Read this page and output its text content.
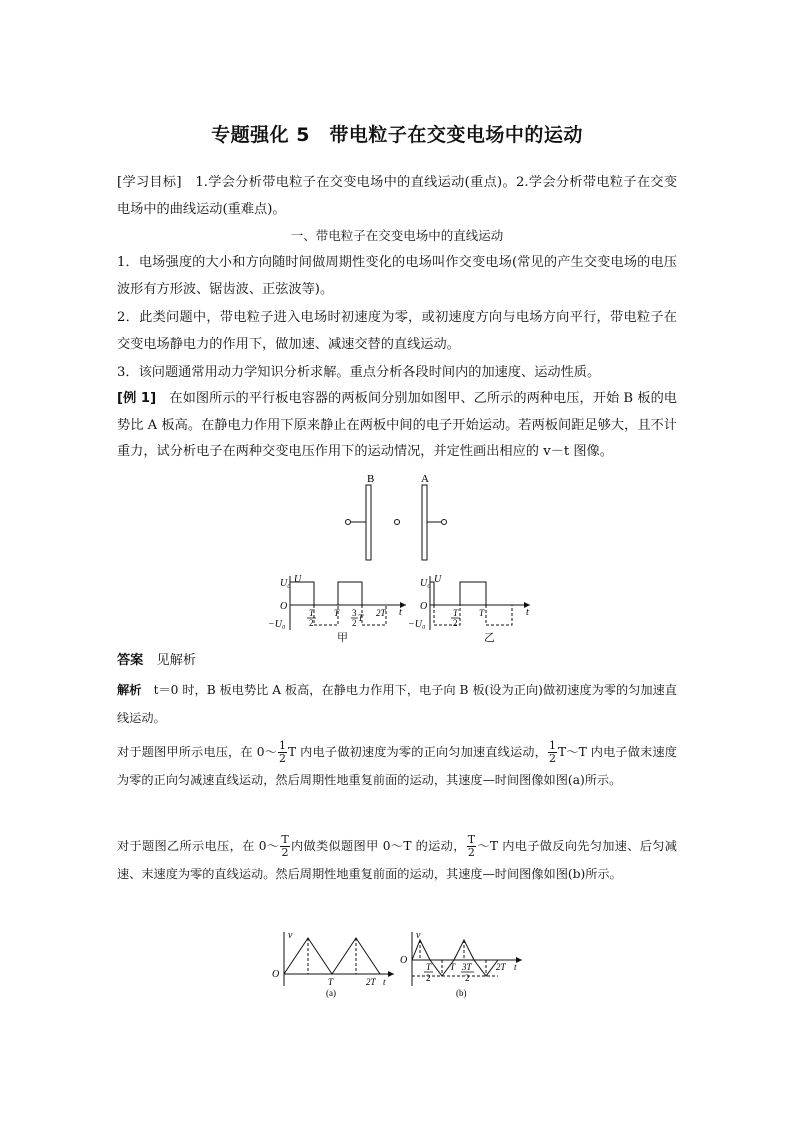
专题强化 5　带电粒子在交变电场中的运动
[学习目标]　1.学会分析带电粒子在交变电场中的直线运动(重点)。2.学会分析带电粒子在交变电场中的曲线运动(重难点)。
一、带电粒子在交变电场中的直线运动
1．电场强度的大小和方向随时间做周期性变化的电场叫作交变电场(常见的产生交变电场的电压波形有方形波、锯齿波、正弦波等)。
2．此类问题中，带电粒子进入电场时初速度为零，或初速度方向与电场方向平行，带电粒子在交变电场静电力的作用下，做加速、减速交替的直线运动。
3．该问题通常用动力学知识分析求解。重点分析各段时间内的加速度、运动性质。
[例 1]　在如图所示的平行板电容器的两板间分别加如图甲、乙所示的两种电压，开始 B 板的电势比 A 板高。在静电力作用下原来静止在两板中间的电子开始运动。若两板间距足够大，且不计重力，试分析电子在两种交变电压作用下的运动情况，并定性画出相应的 v－t 图像。
B	A
U₀ U
O
−U₀
t
T
2
T 3
2 T 2T
甲
U₀ U
O
−U₀
t
T
2
T
乙
答案　见解析
解析　t＝0 时，B 板电势比 A 板高，在静电力作用下，电子向 B 板(设为正向)做初速度为零的匀加速直线运动。
对于题图甲所示电压，在 0～ $\frac{1}{2}$ T 内电子做初速度为零的正向匀加速直线运动， $\frac{1}{2}$ T～T 内电子做末速度为零的正向匀减速直线运动，然后周期性地重复前面的运动，其速度—时间图像如图(a)所示。
对于题图乙所示电压，在 0～ $\frac{T}{2}$ 内做类似题图甲 0～T 的运动， $\frac{T}{2}$ ～T 内电子做反向先匀加速、后匀减速、末速度为零的直线运动。然后周期性地重复前面的运动，其速度—时间图像如图(b)所示。
v
O
T	2T t
(a)
v
O
T
2
T 3T
2
2T t
(b)
